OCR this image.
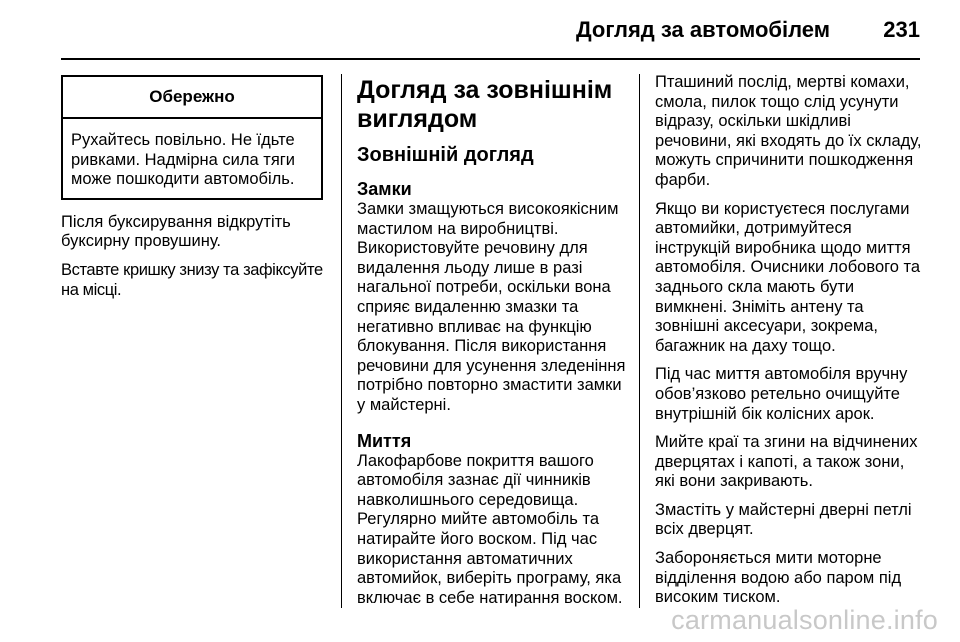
Догляд за автомобілем 231
Обережно
Рухайтесь повільно. Не їдьте ривками. Надмірна сила тяги може пошкодити автомобіль.

Після буксирування відкрутіть буксирну провушину.

Вставте кришку знизу та зафіксуйте на місці.

Догляд за зовнішнім виглядом
Зовнішній догляд
Замки

Замки змащуються високоякісним мастилом на виробництві. Використовуйте речовину для видалення льоду лише в разі нагальної потреби, оскільки вона сприяє видаленню змазки та негативно впливає на функцію блокування. Після використання речовини для усунення зледеніння потрібно повторно змастити замки у майстерні.

Миття

Лакофарбове покриття вашого автомобіля зазнає дії чинників навколишнього середовища. Регулярно мийте автомобіль та натирайте його воском. Під час використання автоматичних автомийок, виберіть програму, яка включає в себе натирання воском.

Пташиний послід, мертві комахи, смола, пилок тощо слід усунути відразу, оскільки шкідливі речовини, які входять до їх складу, можуть спричинити пошкодження фарби.

Якщо ви користуєтеся послугами автомийки, дотримуйтеся інструкцій виробника щодо миття автомобіля. Очисники лобового та заднього скла мають бути вимкнені. Зніміть антену та зовнішні аксесуари, зокрема, багажник на даху тощо.

Під час миття автомобіля вручну обов’язково ретельно очищуйте внутрішній бік колісних арок.

Мийте краї та згини на відчинених дверцятах і капоті, а також зони, які вони закривають.

Змастіть у майстерні дверні петлі всіх дверцят.

Забороняється мити моторне відділення водою або паром під високим тиском.

carmanualsonline.info
